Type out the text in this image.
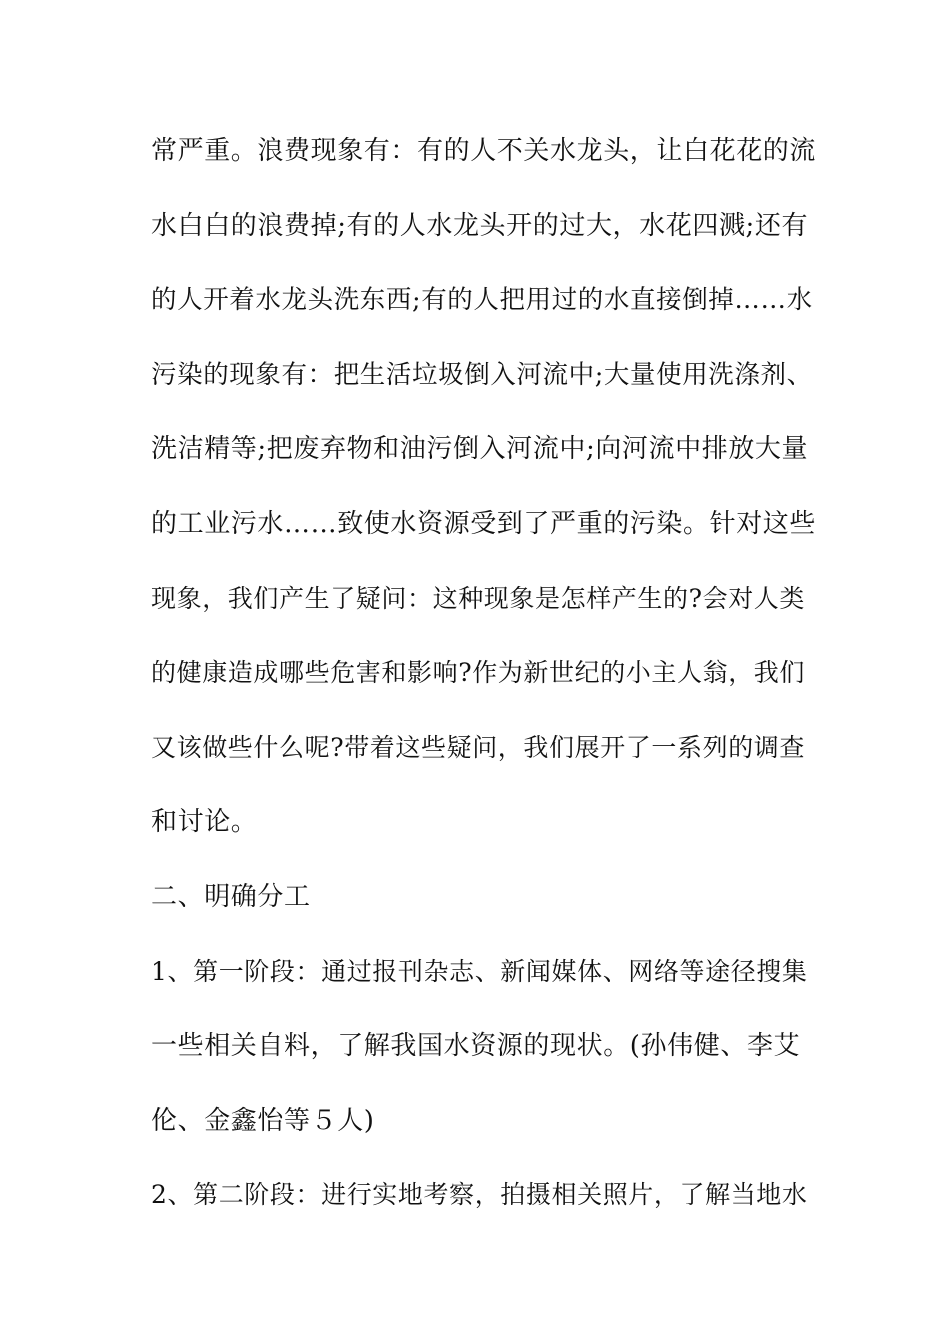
常严重。浪费现象有：有的人不关水龙头，让白花花的流
水白白的浪费掉;有的人水龙头开的过大，水花四溅;还有
的人开着水龙头洗东西;有的人把用过的水直接倒掉……水
污染的现象有：把生活垃圾倒入河流中;大量使用洗涤剂、
洗洁精等;把废弃物和油污倒入河流中;向河流中排放大量
的工业污水……致使水资源受到了严重的污染。针对这些
现象，我们产生了疑问：这种现象是怎样产生的?会对人类
的健康造成哪些危害和影响?作为新世纪的小主人翁，我们
又该做些什么呢?带着这些疑问，我们展开了一系列的调查
和讨论。
二、明确分工
1、第一阶段：通过报刊杂志、新闻媒体、网络等途径搜集
一些相关自料，了解我国水资源的现状。(孙伟健、李艾
伦、金鑫怡等５人)
2、第二阶段：进行实地考察，拍摄相关照片，了解当地水
